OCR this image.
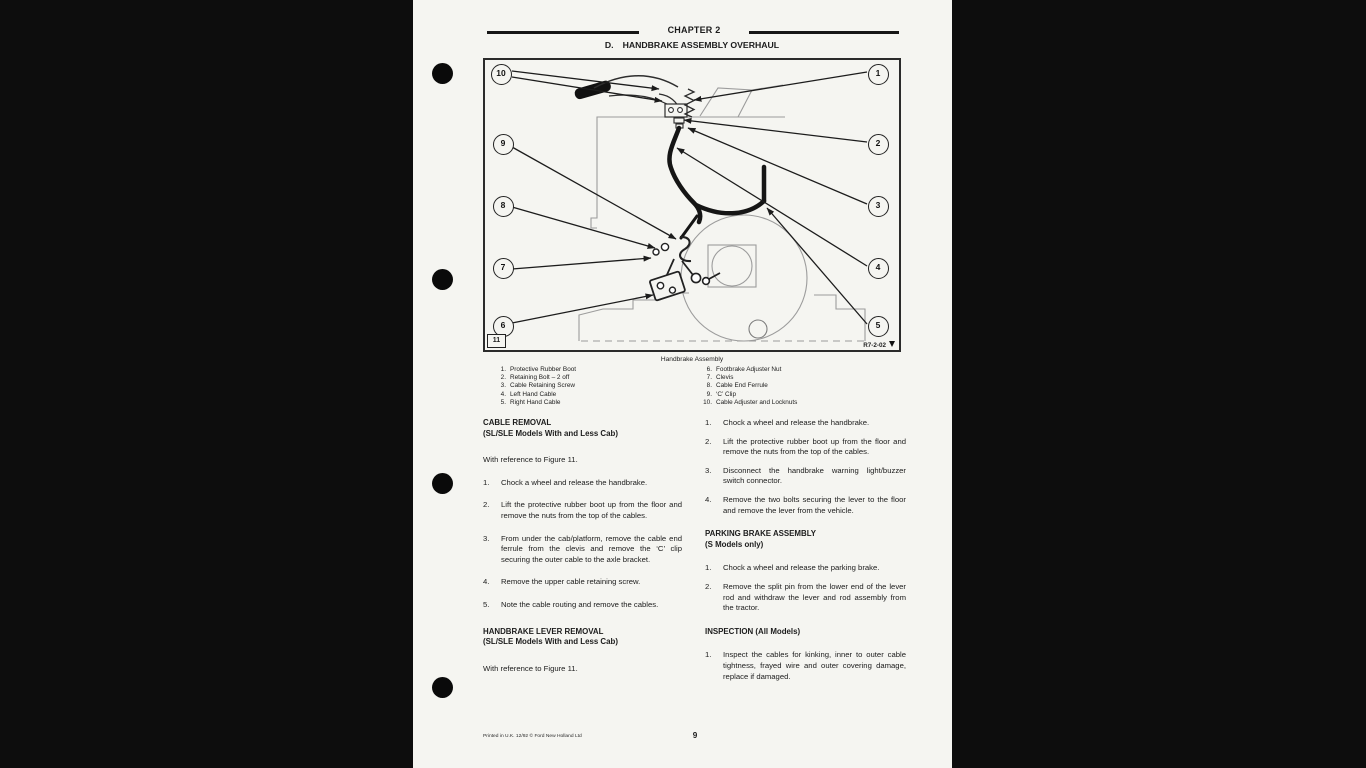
CHAPTER 2
D. HANDBRAKE ASSEMBLY OVERHAUL
10	1
9	2
8	3
7	4
6	5
11
R7-2-02
Handbrake Assembly
1. Protective Rubber Boot
2. Retaining Bolt – 2 off
3. Cable Retaining Screw
4. Left Hand Cable
5. Right Hand Cable
6. Footbrake Adjuster Nut
7. Clevis
8. Cable End Ferrule
9. ‘C’ Clip
10. Cable Adjuster and Locknuts
CABLE REMOVAL
(SL/SLE Models With and Less Cab)
With reference to Figure 11.
1.	Chock a wheel and release the handbrake.
2.	Lift the protective rubber boot up from the floor and remove the nuts from the top of the cables.
3.	From under the cab/platform, remove the cable end ferrule from the clevis and remove the ‘C’ clip securing the outer cable to the axle bracket.
4.	Remove the upper cable retaining screw.
5.	Note the cable routing and remove the cables.
HANDBRAKE LEVER REMOVAL
(SL/SLE Models With and Less Cab)
With reference to Figure 11.
1.	Chock a wheel and release the handbrake.
2.	Lift the protective rubber boot up from the floor and remove the nuts from the top of the cables.
3.	Disconnect the handbrake warning light/buzzer switch connector.
4.	Remove the two bolts securing the lever to the floor and remove the lever from the vehicle.
PARKING BRAKE ASSEMBLY
(S Models only)
1.	Chock a wheel and release the parking brake.
2.	Remove the split pin from the lower end of the lever rod and withdraw the lever and rod assembly from the tractor.
INSPECTION (All Models)
1.	Inspect the cables for kinking, inner to outer cable tightness, frayed wire and outer covering damage, replace if damaged.
Printed in U.K. 12/92 © Ford New Holland Ltd	9
